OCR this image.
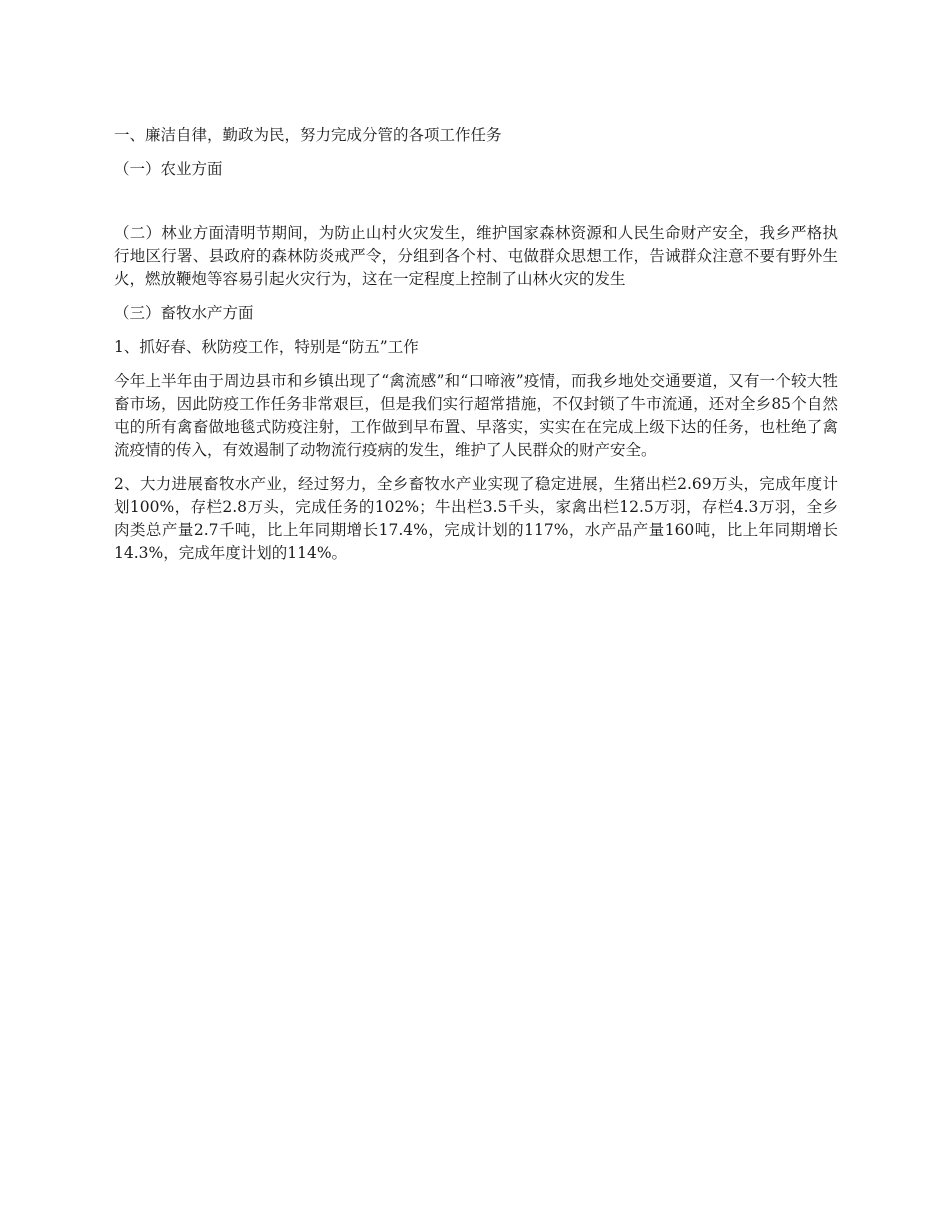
一、廉洁自律，勤政为民，努力完成分管的各项工作任务

（一）农业方面

（二）林业方面清明节期间，为防止山村火灾发生，维护国家森林资源和人民生命财产安全，我乡严格执行地区行署、县政府的森林防炎戒严令，分组到各个村、屯做群众思想工作，告诫群众注意不要有野外生火，燃放鞭炮等容易引起火灾行为，这在一定程度上控制了山林火灾的发生

（三）畜牧水产方面

1、抓好春、秋防疫工作，特别是“防五”工作

今年上半年由于周边县市和乡镇出现了“禽流感”和“口啼液”疫情，而我乡地处交通要道，又有一个较大牲畜市场，因此防疫工作任务非常艰巨，但是我们实行超常措施，不仅封锁了牛市流通，还对全乡85个自然屯的所有禽畜做地毯式防疫注射，工作做到早布置、早落实，实实在在完成上级下达的任务，也杜绝了禽流疫情的传入，有效遏制了动物流行疫病的发生，维护了人民群众的财产安全。

2、大力进展畜牧水产业，经过努力，全乡畜牧水产业实现了稳定进展，生猪出栏2.69万头，完成年度计划100%，存栏2.8万头，完成任务的102%；牛出栏3.5千头，家禽出栏12.5万羽，存栏4.3万羽，全乡肉类总产量2.7千吨，比上年同期增长17.4%，完成计划的117%，水产品产量160吨，比上年同期增长14.3%，完成年度计划的114%。
